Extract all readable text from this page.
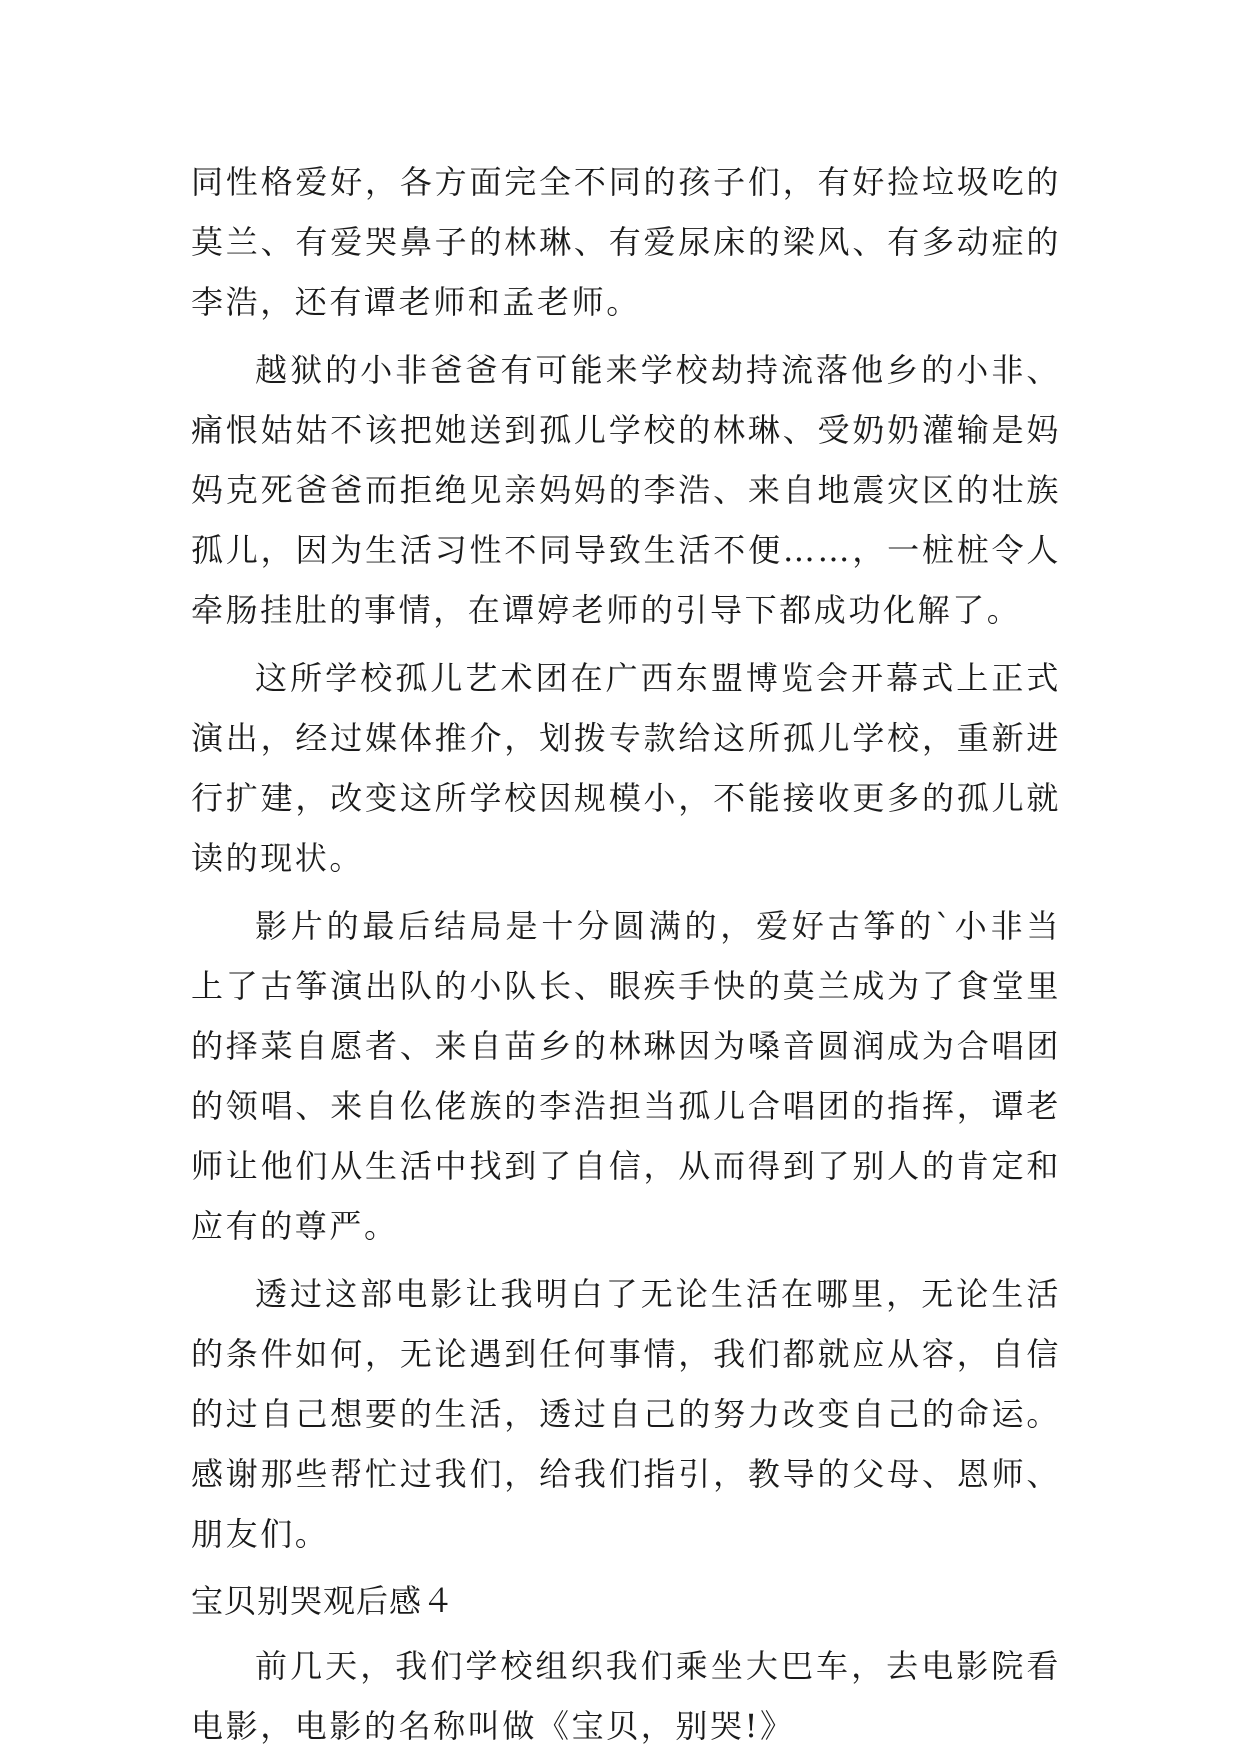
同性格爱好，各方面完全不同的孩子们，有好捡垃圾吃的莫兰、有爱哭鼻子的林琳、有爱尿床的梁风、有多动症的李浩，还有谭老师和孟老师。

越狱的小非爸爸有可能来学校劫持流落他乡的小非、痛恨姑姑不该把她送到孤儿学校的林琳、受奶奶灌输是妈妈克死爸爸而拒绝见亲妈妈的李浩、来自地震灾区的壮族孤儿，因为生活习性不同导致生活不便……，一桩桩令人牵肠挂肚的事情，在谭婷老师的引导下都成功化解了。

这所学校孤儿艺术团在广西东盟博览会开幕式上正式演出，经过媒体推介，划拨专款给这所孤儿学校，重新进行扩建，改变这所学校因规模小，不能接收更多的孤儿就读的现状。

影片的最后结局是十分圆满的，爱好古筝的`小非当上了古筝演出队的小队长、眼疾手快的莫兰成为了食堂里的择菜自愿者、来自苗乡的林琳因为嗓音圆润成为合唱团的领唱、来自仫佬族的李浩担当孤儿合唱团的指挥，谭老师让他们从生活中找到了自信，从而得到了别人的肯定和应有的尊严。

透过这部电影让我明白了无论生活在哪里，无论生活的条件如何，无论遇到任何事情，我们都就应从容，自信的过自己想要的生活，透过自己的努力改变自己的命运。感谢那些帮忙过我们，给我们指引，教导的父母、恩师、朋友们。

宝贝别哭观后感４

前几天，我们学校组织我们乘坐大巴车，去电影院看电影，电影的名称叫做《宝贝，别哭!》
